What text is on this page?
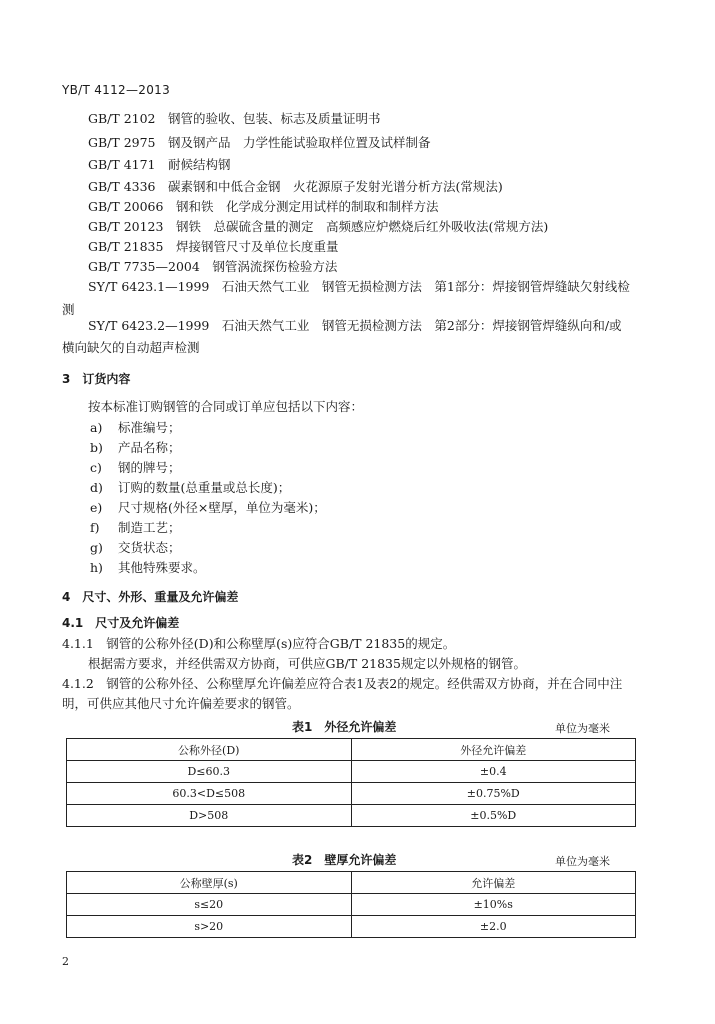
YB/T 4112—2013
GB/T 2102　 钢管的验收、包装、标志及质量证明书
GB/T 2975　 钢及钢产品　力学性能试验取样位置及试样制备
GB/T 4171　 耐候结构钢
GB/T 4336　 碳素钢和中低合金钢　火花源原子发射光谱分析方法(常规法)
GB/T 20066　 钢和铁　化学成分测定用试样的制取和制样方法
GB/T 20123　 钢铁　总碳硫含量的测定　高频感应炉燃烧后红外吸收法(常规方法)
GB/T 21835　 焊接钢管尺寸及单位长度重量
GB/T 7735—2004　 钢管涡流探伤检验方法
SY/T 6423.1—1999　石油天然气工业　钢管无损检测方法　第1部分：焊接钢管焊缝缺欠射线检
测
SY/T 6423.2—1999　石油天然气工业　钢管无损检测方法　第2部分：焊接钢管焊缝纵向和/或
横向缺欠的自动超声检测
3　订货内容
按本标准订购钢管的合同或订单应包括以下内容：
a) 标准编号；
b) 产品名称；
c) 钢的牌号；
d) 订购的数量(总重量或总长度)；
e) 尺寸规格(外径×壁厚，单位为毫米)；
f) 制造工艺；
g) 交货状态；
h) 其他特殊要求。
4　尺寸、外形、重量及允许偏差
4.1　尺寸及允许偏差
4.1.1　钢管的公称外径(D)和公称壁厚(s)应符合GB/T 21835的规定。
根据需方要求，并经供需双方协商，可供应GB/T 21835规定以外规格的钢管。
4.1.2　钢管的公称外径、公称壁厚允许偏差应符合表1及表2的规定。经供需双方协商，并在合同中注
明，可供应其他尺寸允许偏差要求的钢管。
表1　外径允许偏差	单位为毫米
公称外径(D)	外径允许偏差
D≤60.3	±0.4
60.3<D≤508	±0.75%D
D>508	±0.5%D
表2　壁厚允许偏差	单位为毫米
公称壁厚(s)	允许偏差
s≤20	±10%s
s>20	±2.0
2
